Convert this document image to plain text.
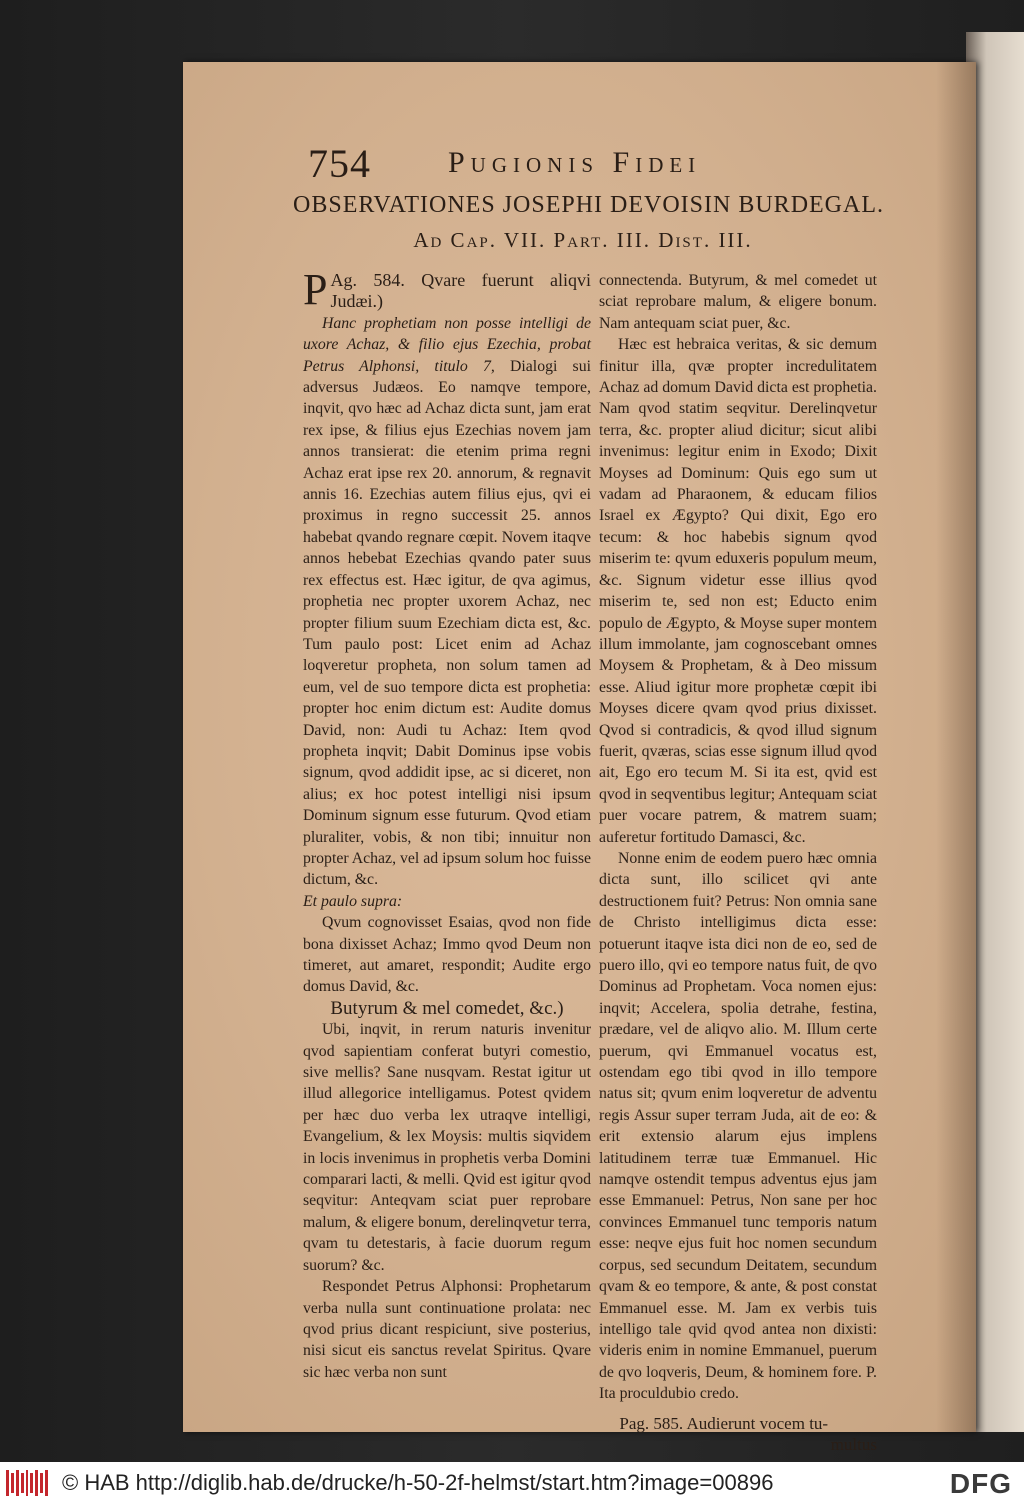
754	Pugionis Fidei
OBSERVATIONES JOSEPHI DEVOISIN BURDEGAL.
Ad Cap. VII. Part. III. Dist. III.

P Ag. 584. Qvare fuerunt aliqvi Judæi.)

Hanc prophetiam non posse intelligi de uxore Achaz, & filio ejus Ezechia, probat Petrus Alphonsi, titulo 7, Dialogi sui adversus Judæos. Eo namqve tempore, inqvit, qvo hæc ad Achaz dicta sunt, jam erat rex ipse, & filius ejus Ezechias novem jam annos transierat: die etenim prima regni Achaz erat ipse rex 20. annorum, & regnavit annis 16. Ezechias autem filius ejus, qvi ei proximus in regno successit 25. annos habebat qvando regnare cœpit. Novem itaqve annos hebebat Ezechias qvando pater suus rex effectus est. Hæc igitur, de qva agimus, prophetia nec propter uxorem Achaz, nec propter filium suum Ezechiam dicta est, &c. Tum paulo post: Licet enim ad Achaz loqveretur propheta, non solum tamen ad eum, vel de suo tempore dicta est prophetia: propter hoc enim dictum est: Audite domus David, non: Audi tu Achaz: Item qvod propheta inqvit; Dabit Dominus ipse vobis signum, qvod addidit ipse, ac si diceret, non alius; ex hoc potest intelligi nisi ipsum Dominum signum esse futurum. Qvod etiam pluraliter, vobis, & non tibi; innuitur non propter Achaz, vel ad ipsum solum hoc fuisse dictum, &c.

Et paulo supra:

Qvum cognovisset Esaias, qvod non fide bona dixisset Achaz; Immo qvod Deum non timeret, aut amaret, respondit; Audite ergo domus David, &c.

Butyrum & mel comedet, &c.)

Ubi, inqvit, in rerum naturis invenitur qvod sapientiam conferat butyri comestio, sive mellis? Sane nusqvam. Restat igitur ut illud allegorice intelligamus. Potest qvidem per hæc duo verba lex utraqve intelligi, Evangelium, & lex Moysis: multis siqvidem in locis invenimus in prophetis verba Domini comparari lacti, & melli. Qvid est igitur qvod seqvitur: Anteqvam sciat puer reprobare malum, & eligere bonum, derelinqvetur terra, qvam tu detestaris, à facie duorum regum suorum? &c.

Respondet Petrus Alphonsi: Prophetarum verba nulla sunt continuatione prolata: nec qvod prius dicant respiciunt, sive posterius, nisi sicut eis sanctus revelat Spiritus. Qvare sic hæc verba non sunt

connectenda. Butyrum, & mel comedet ut sciat reprobare malum, & eligere bonum. Nam antequam sciat puer, &c.

Hæc est hebraica veritas, & sic demum finitur illa, qvæ propter incredulitatem Achaz ad domum David dicta est prophetia. Nam qvod statim seqvitur. Derelinqvetur terra, &c. propter aliud dicitur; sicut alibi invenimus: legitur enim in Exodo; Dixit Moyses ad Dominum: Quis ego sum ut vadam ad Pharaonem, & educam filios Israel ex Ægypto? Qui dixit, Ego ero tecum: & hoc habebis signum qvod miserim te: qvum eduxeris populum meum, &c. Signum videtur esse illius qvod miserim te, sed non est; Educto enim populo de Ægypto, & Moyse super montem illum immolante, jam cognoscebant omnes Moysem & Prophetam, & à Deo missum esse. Aliud igitur more prophetæ cœpit ibi Moyses dicere qvam qvod prius dixisset. Qvod si contradicis, & qvod illud signum fuerit, qværas, scias esse signum illud qvod ait, Ego ero tecum M. Si ita est, qvid est qvod in seqventibus legitur; Antequam sciat puer vocare patrem, & matrem suam; auferetur fortitudo Damasci, &c.

Nonne enim de eodem puero hæc omnia dicta sunt, illo scilicet qvi ante destructionem fuit? Petrus: Non omnia sane de Christo intelligimus dicta esse: potuerunt itaqve ista dici non de eo, sed de puero illo, qvi eo tempore natus fuit, de qvo Dominus ad Prophetam. Voca nomen ejus: inqvit; Accelera, spolia detrahe, festina, prædare, vel de aliqvo alio. M. Illum certe puerum, qvi Emmanuel vocatus est, ostendam ego tibi qvod in illo tempore natus sit; qvum enim loqveretur de adventu regis Assur super terram Juda, ait de eo: & erit extensio alarum ejus implens latitudinem terræ tuæ Emmanuel. Hic namqve ostendit tempus adventus ejus jam esse Emmanuel: Petrus, Non sane per hoc convinces Emmanuel tunc temporis natum esse: neqve ejus fuit hoc nomen secundum corpus, sed secundum Deitatem, secundum qvam & eo tempore, & ante, & post constat Emmanuel esse. M. Jam ex verbis tuis intelligo tale qvid qvod antea non dixisti: videris enim in nomine Emmanuel, puerum de qvo loqveris, Deum, & hominem fore. P. Ita proculdubio credo.

Pag. 585. Audierunt vocem tu-

multus

© HAB http://diglib.hab.de/drucke/h-50-2f-helmst/start.htm?image=00896	DFG
